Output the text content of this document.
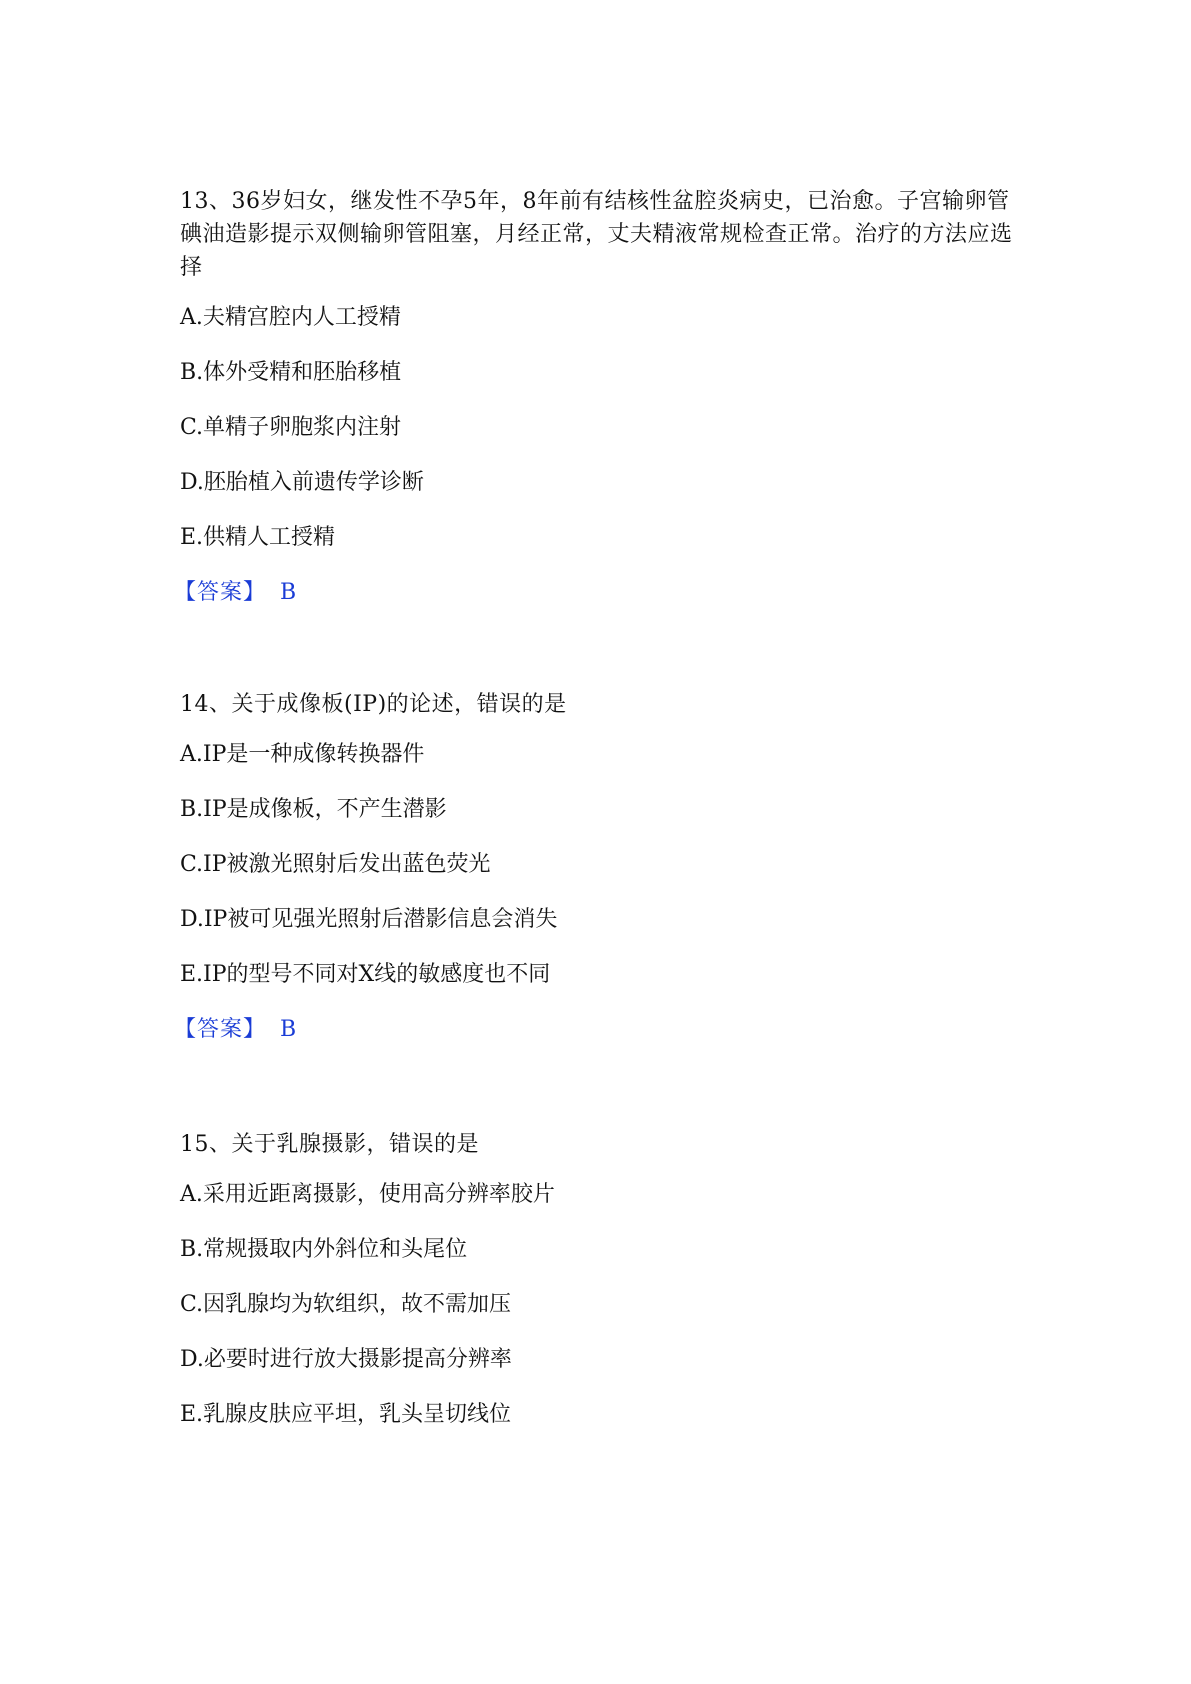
13、36岁妇女，继发性不孕5年，8年前有结核性盆腔炎病史，已治愈。子宫输卵管碘油造影提示双侧输卵管阻塞，月经正常，丈夫精液常规检查正常。治疗的方法应选择

A.夫精宫腔内人工授精

B.体外受精和胚胎移植

C.单精子卵胞浆内注射

D.胚胎植入前遗传学诊断

E.供精人工授精

【答案】 B

14、关于成像板(IP)的论述，错误的是

A.IP是一种成像转换器件

B.IP是成像板，不产生潜影

C.IP被激光照射后发出蓝色荧光

D.IP被可见强光照射后潜影信息会消失

E.IP的型号不同对X线的敏感度也不同

【答案】 B

15、关于乳腺摄影，错误的是

A.采用近距离摄影，使用高分辨率胶片

B.常规摄取内外斜位和头尾位

C.因乳腺均为软组织，故不需加压

D.必要时进行放大摄影提高分辨率

E.乳腺皮肤应平坦，乳头呈切线位
